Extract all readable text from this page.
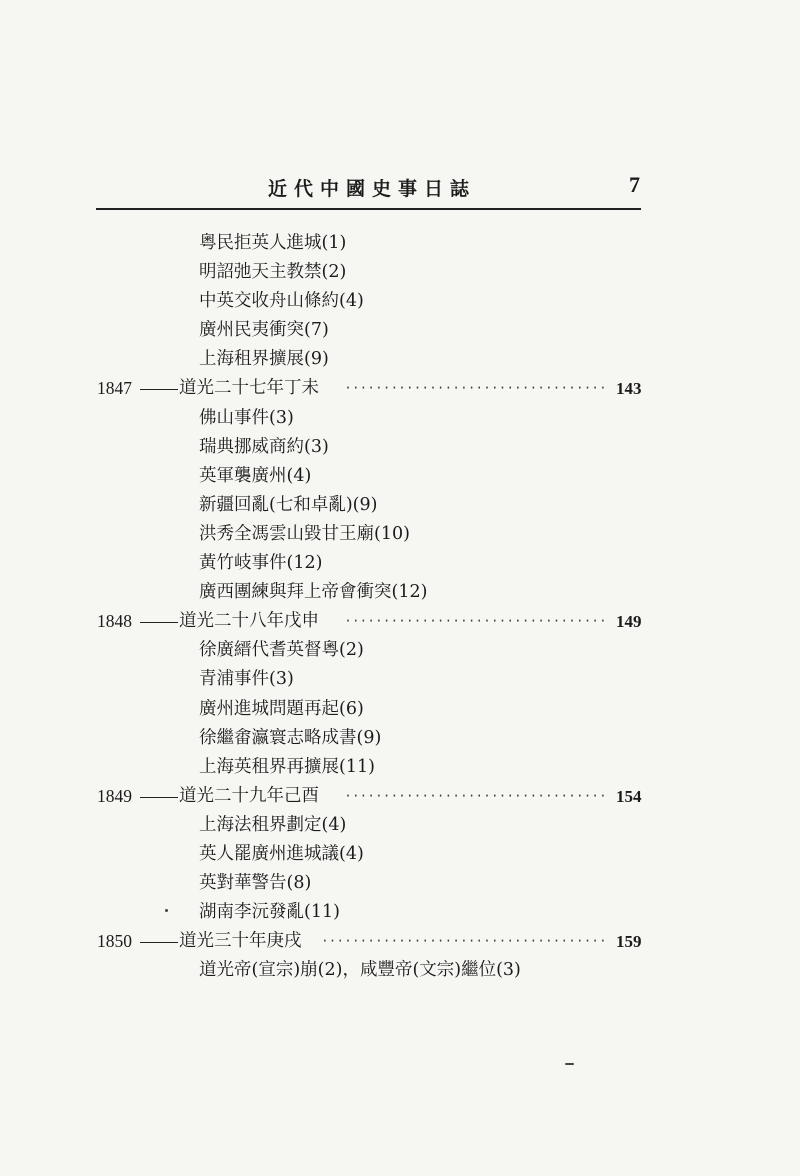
近代中國史事日誌	7
粵民拒英人進城(1)
明詔弛天主教禁(2)
中英交收舟山條約(4)
廣州民夷衝突(7)
上海租界擴展(9)
1847	道光二十七年丁未 ·································· 143
佛山事件(3)
瑞典挪威商約(3)
英軍襲廣州(4)
新疆回亂(七和卓亂)(9)
洪秀全馮雲山毀甘王廟(10)
黃竹岐事件(12)
廣西團練與拜上帝會衝突(12)
1848	道光二十八年戊申 ·································· 149
徐廣縉代耆英督粵(2)
青浦事件(3)
廣州進城問題再起(6)
徐繼畬瀛寰志略成書(9)
上海英租界再擴展(11)
1849	道光二十九年己酉 ·································· 154
上海法租界劃定(4)
英人罷廣州進城議(4)
英對華警告(8)
湖南李沅發亂(11)
1850	道光三十年庚戌 ····································· 159
道光帝(宣宗)崩(2)，咸豐帝(文宗)繼位(3)
